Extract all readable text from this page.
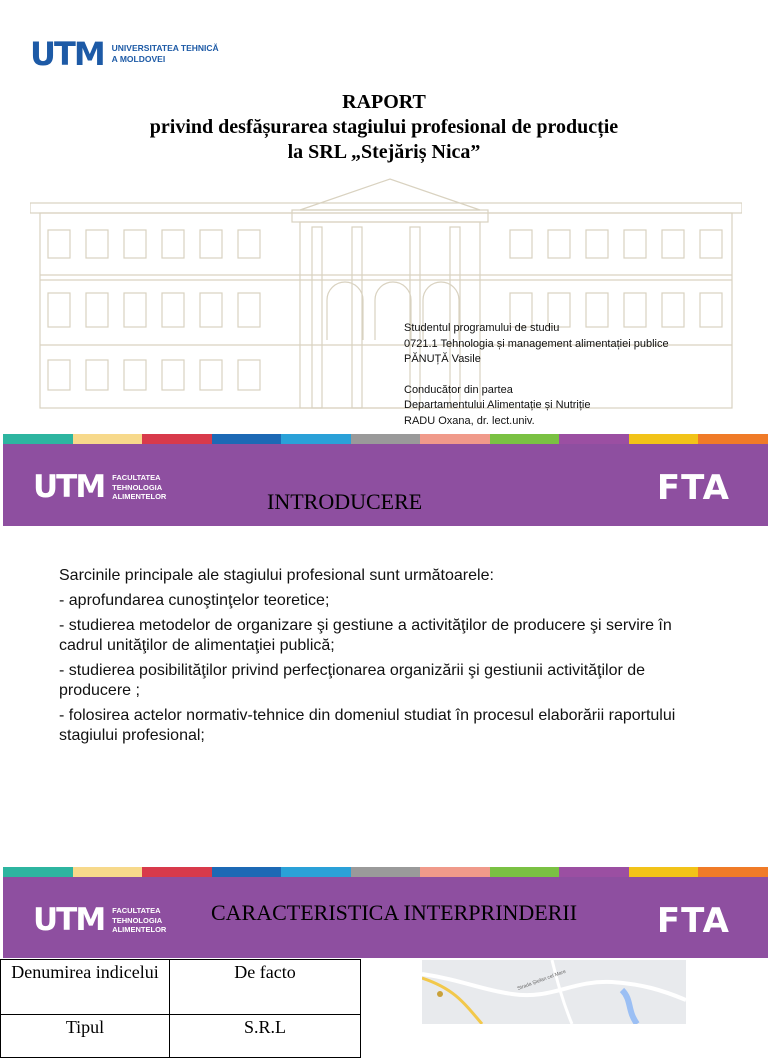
UTM UNIVERSITATEA TEHNICĂ
A MOLDOVEI
RAPORT
privind desfășurarea stagiului profesional de producție
la SRL „Stejăriș Nica”
Studentul programului de studiu
0721.1 Tehnologia și management alimentației publice
PĂNUȚĂ Vasile
Conducător din partea
Departamentului Alimentație și Nutriție
RADU Oxana, dr. lect.univ.
UTM FACULTATEA
TEHNOLOGIA
ALIMENTELOR	INTRODUCERE	FTA

Sarcinile principale ale stagiului profesional sunt următoarele:

- aprofundarea cunoştinţelor teoretice;

- studierea metodelor de organizare şi gestiune a activităţilor de producere şi servire în cadrul unităţilor de alimentaţiei publică;

- studierea posibilităţilor privind perfecţionarea organizării şi gestiunii activităţilor de producere ;

- folosirea actelor normativ-tehnice din domeniul studiat în procesul elaborării raportului stagiului profesional;

UTM FACULTATEA
TEHNOLOGIA
ALIMENTELOR
CARACTERISTICA INTERPRINDERII FTA
Denumirea indicelui	De facto
Tipul	S.R.L
Strada Ștefan cel Mare
